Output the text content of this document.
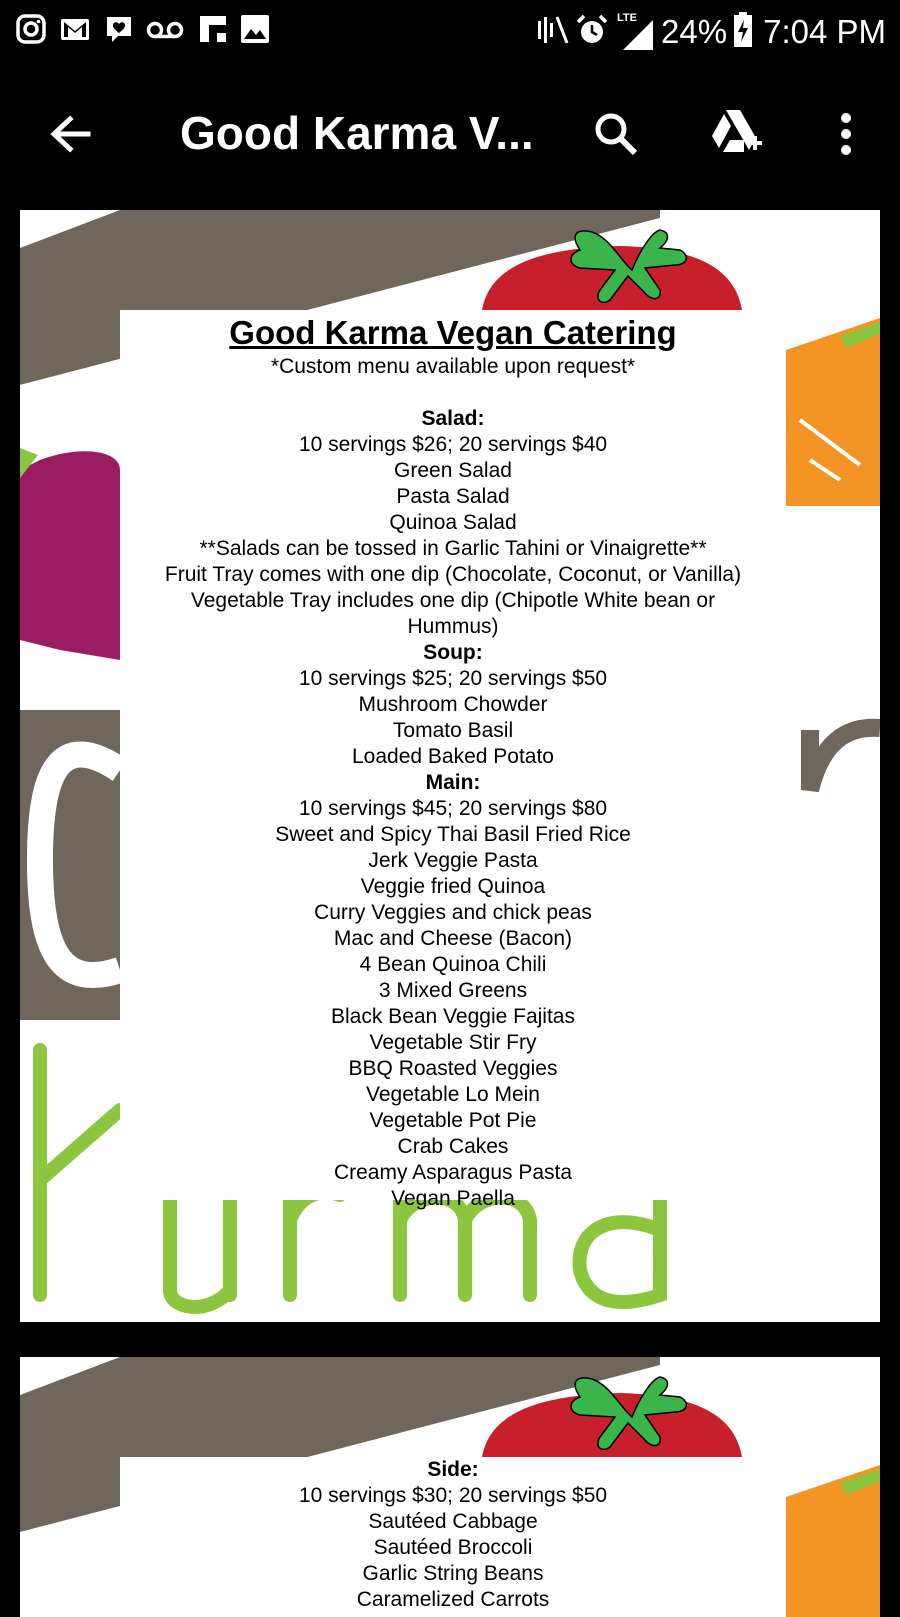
LTE 24% 7:04 PM
Good Karma V...
Good Karma Vegan Catering
*Custom menu available upon request*
Salad:
10 servings $26; 20 servings $40
Green Salad
Pasta Salad
Quinoa Salad
**Salads can be tossed in Garlic Tahini or Vinaigrette**
Fruit Tray comes with one dip (Chocolate, Coconut, or Vanilla)
Vegetable Tray includes one dip (Chipotle White bean or
Hummus)
Soup:
10 servings $25; 20 servings $50
Mushroom Chowder
Tomato Basil
Loaded Baked Potato
Main:
10 servings $45; 20 servings $80
Sweet and Spicy Thai Basil Fried Rice
Jerk Veggie Pasta
Veggie fried Quinoa
Curry Veggies and chick peas
Mac and Cheese (Bacon)
4 Bean Quinoa Chili
3 Mixed Greens
Black Bean Veggie Fajitas
Vegetable Stir Fry
BBQ Roasted Veggies
Vegetable Lo Mein
Vegetable Pot Pie
Crab Cakes
Creamy Asparagus Pasta
Vegan Paella
Side:
10 servings $30; 20 servings $50
Sautéed Cabbage
Sautéed Broccoli
Garlic String Beans
Caramelized Carrots
